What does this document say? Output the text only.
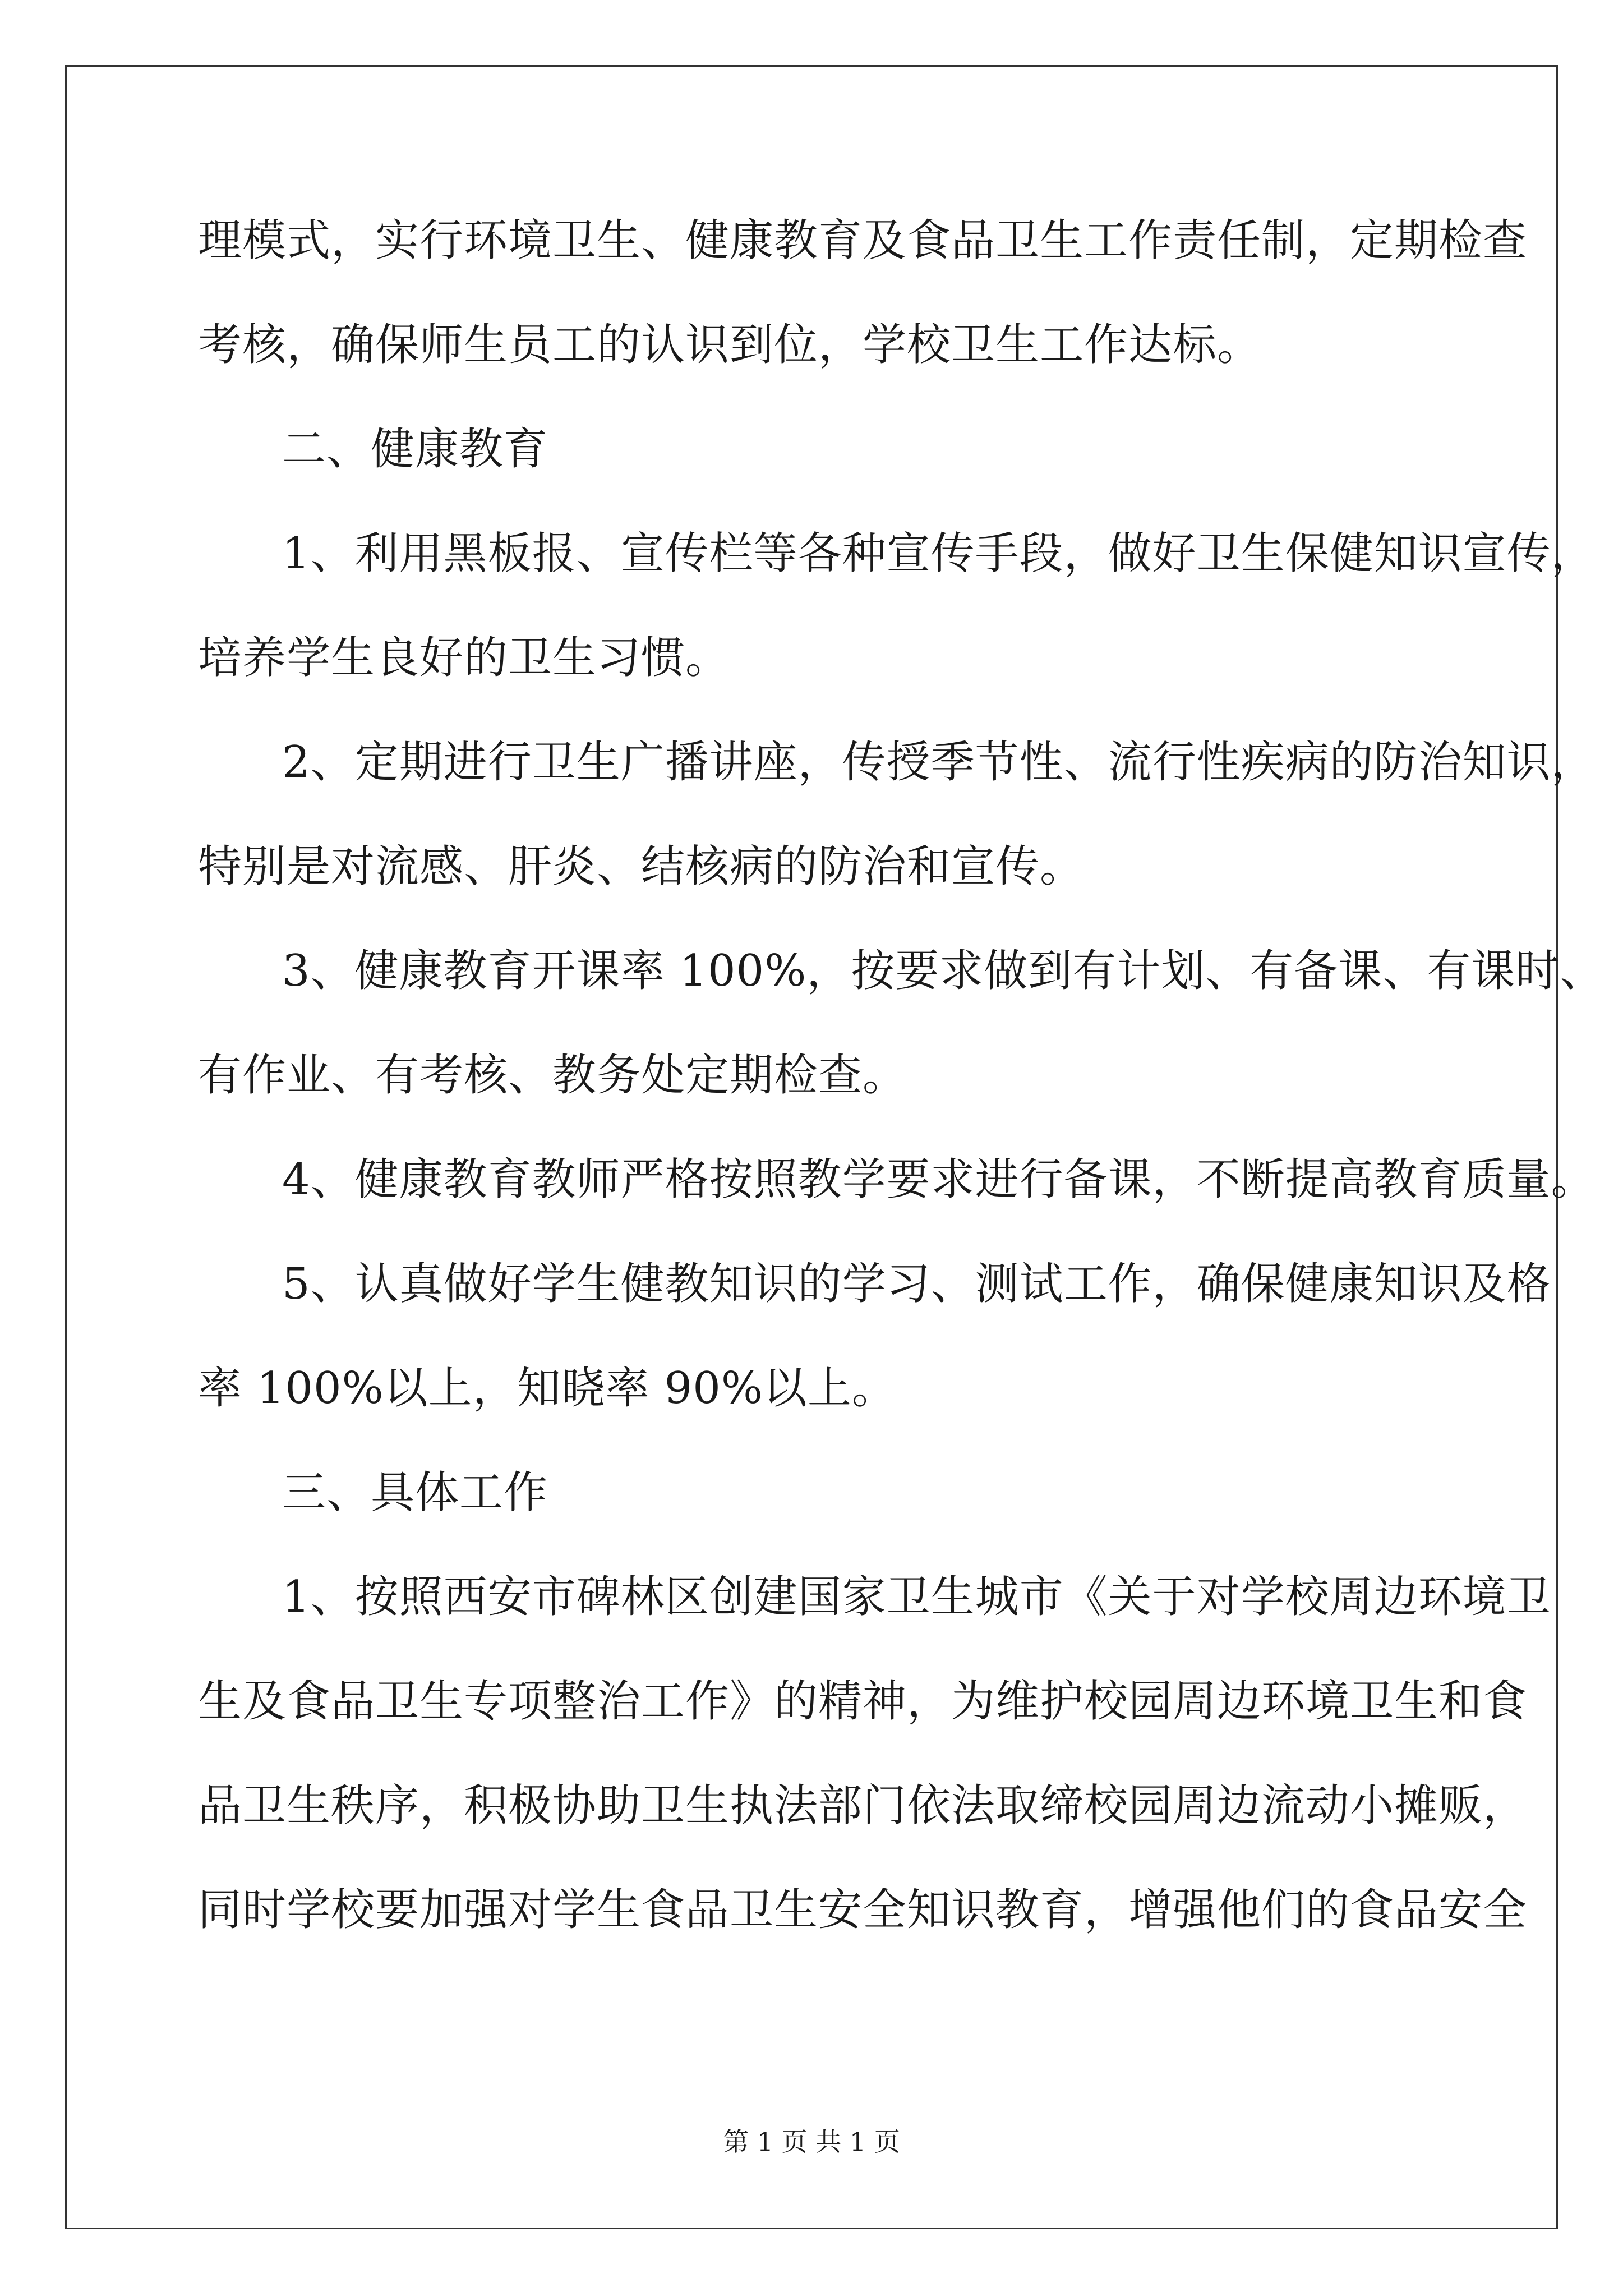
理模式，实行环境卫生、健康教育及食品卫生工作责任制，定期检查
考核，确保师生员工的认识到位，学校卫生工作达标。
二、健康教育
1、利用黑板报、宣传栏等各种宣传手段，做好卫生保健知识宣传，
培养学生良好的卫生习惯。
2、定期进行卫生广播讲座，传授季节性、流行性疾病的防治知识，
特别是对流感、肝炎、结核病的防治和宣传。
3、健康教育开课率 100%，按要求做到有计划、有备课、有课时、
有作业、有考核、教务处定期检查。
4、健康教育教师严格按照教学要求进行备课，不断提高教育质量。
5、认真做好学生健教知识的学习、测试工作，确保健康知识及格
率 100%以上，知晓率 90%以上。
三、具体工作
1、按照西安市碑林区创建国家卫生城市《关于对学校周边环境卫
生及食品卫生专项整治工作》的精神，为维护校园周边环境卫生和食
品卫生秩序，积极协助卫生执法部门依法取缔校园周边流动小摊贩，
同时学校要加强对学生食品卫生安全知识教育，增强他们的食品安全
第 1 页 共 1 页
